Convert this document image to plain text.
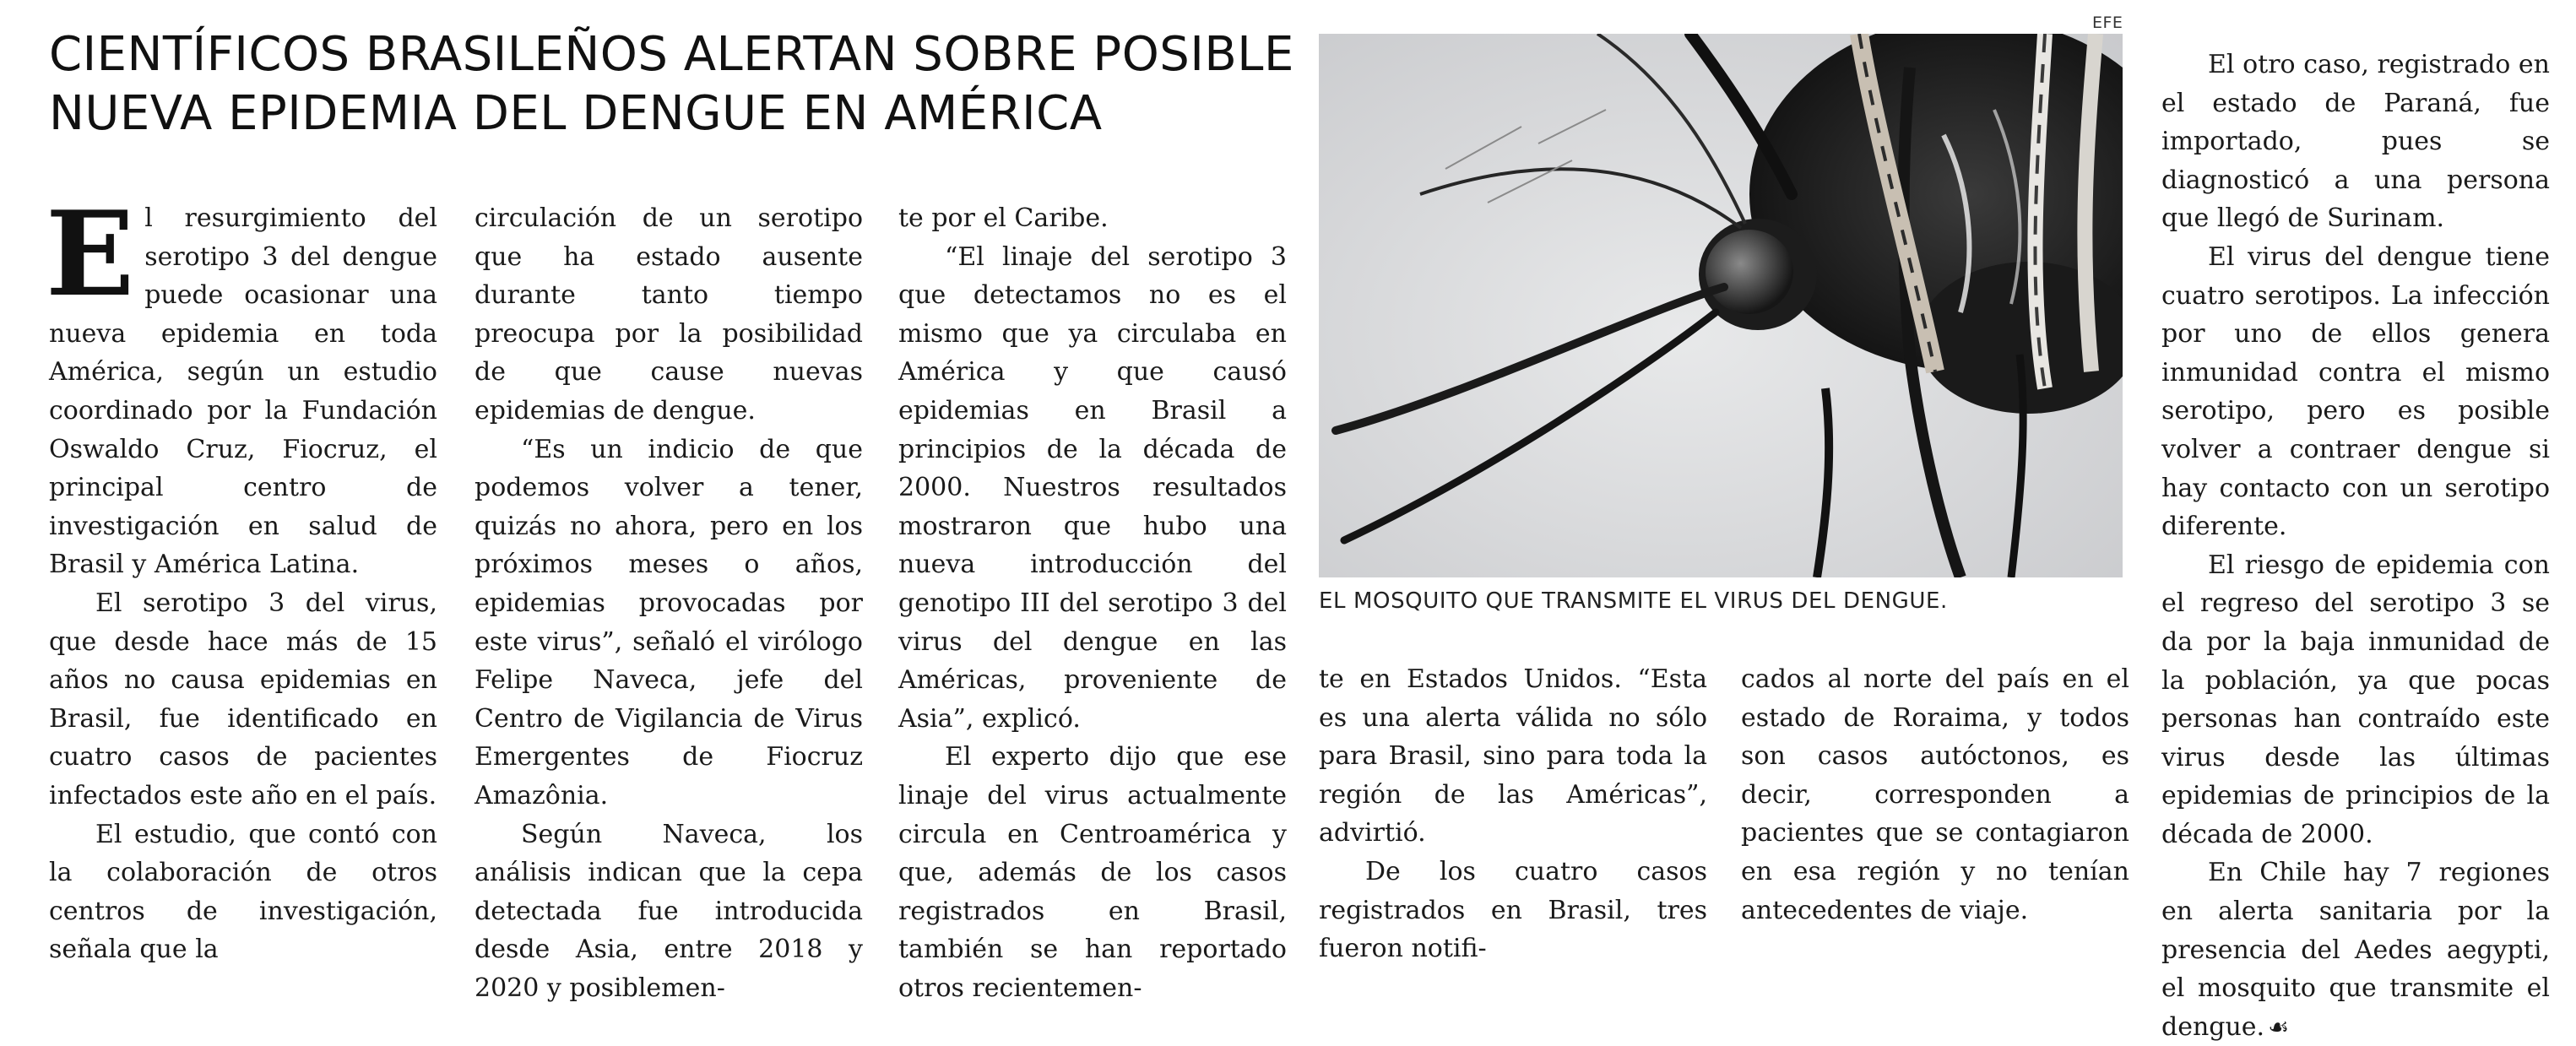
CIENTÍFICOS BRASILEÑOS ALERTAN SOBRE POSIBLE NUEVA EPIDEMIA DEL DENGUE EN AMÉRICA

El resurgimiento del serotipo 3 del dengue puede ocasionar una nueva epidemia en toda América, según un estudio coordinado por la Fundación Oswaldo Cruz, Fiocruz, el principal centro de investigación en salud de Brasil y América Latina.

El serotipo 3 del virus, que desde hace más de 15 años no causa epidemias en Brasil, fue identificado en cuatro casos de pacientes infectados este año en el país.

El estudio, que contó con la colaboración de otros centros de investigación, señala que la

circulación de un serotipo que ha estado ausente durante tanto tiempo preocupa por la posibilidad de que cause nuevas epidemias de dengue.

“Es un indicio de que podemos volver a tener, quizás no ahora, pero en los próximos meses o años, epidemias provocadas por este virus”, señaló el virólogo Felipe Naveca, jefe del Centro de Vigilancia de Virus Emergentes de Fiocruz Amazônia.

Según Naveca, los análisis indican que la cepa detectada fue introducida desde Asia, entre 2018 y 2020 y posiblemen-

te por el Caribe.

“El linaje del serotipo 3 que detectamos no es el mismo que ya circulaba en América y que causó epidemias en Brasil a principios de la década de 2000. Nuestros resultados mostraron que hubo una nueva introducción del genotipo III del serotipo 3 del virus del dengue en las Américas, proveniente de Asia”, explicó.

El experto dijo que ese linaje del virus actualmente circula en Centroamérica y que, además de los casos registrados en Brasil, también se han reportado otros recientemen-

EFE
EL MOSQUITO QUE TRANSMITE EL VIRUS DEL DENGUE.

te en Estados Unidos. “Esta es una alerta válida no sólo para Brasil, sino para toda la región de las Américas”, advirtió.

De los cuatro casos registrados en Brasil, tres fueron notifi-

cados al norte del país en el estado de Roraima, y todos son casos autóctonos, es decir, corresponden a pacientes que se contagiaron en esa región y no tenían antecedentes de viaje.

El otro caso, registrado en el estado de Paraná, fue importado, pues se diagnosticó a una persona que llegó de Surinam.

El virus del dengue tiene cuatro serotipos. La infección por uno de ellos genera inmunidad contra el mismo serotipo, pero es posible volver a contraer dengue si hay contacto con un serotipo diferente.

El riesgo de epidemia con el regreso del serotipo 3 se da por la baja inmunidad de la población, ya que pocas personas han contraído este virus desde las últimas epidemias de principios de la década de 2000.

En Chile hay 7 regiones en alerta sanitaria por la presencia del Aedes aegypti, el mosquito que transmite el dengue. ☙
